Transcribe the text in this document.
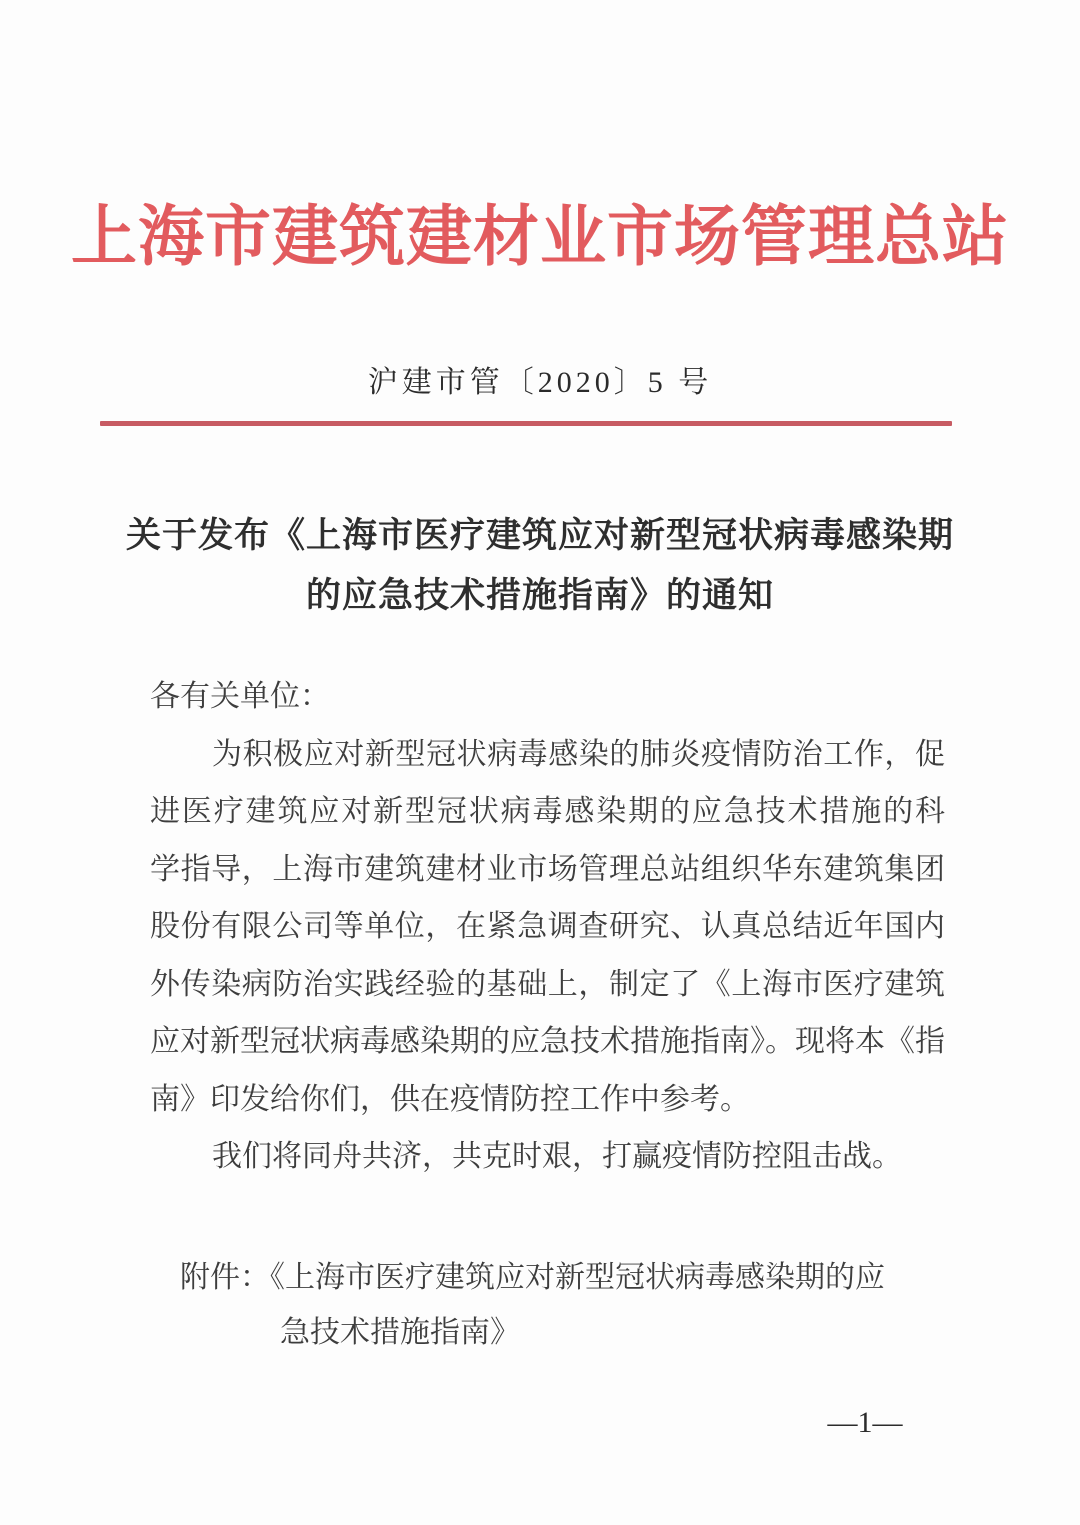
上海市建筑建材业市场管理总站
沪建市管〔2020〕5 号
关于发布《上海市医疗建筑应对新型冠状病毒感染期
的应急技术措施指南》的通知
各有关单位：
为积极应对新型冠状病毒感染的肺炎疫情防治工作，促
进医疗建筑应对新型冠状病毒感染期的应急技术措施的科
学指导，上海市建筑建材业市场管理总站组织华东建筑集团
股份有限公司等单位，在紧急调查研究、认真总结近年国内
外传染病防治实践经验的基础上，制定了《上海市医疗建筑
应对新型冠状病毒感染期的应急技术措施指南》。现将本《指
南》印发给你们，供在疫情防控工作中参考。
我们将同舟共济，共克时艰，打赢疫情防控阻击战。
附件：《上海市医疗建筑应对新型冠状病毒感染期的应
急技术措施指南》
—1—
